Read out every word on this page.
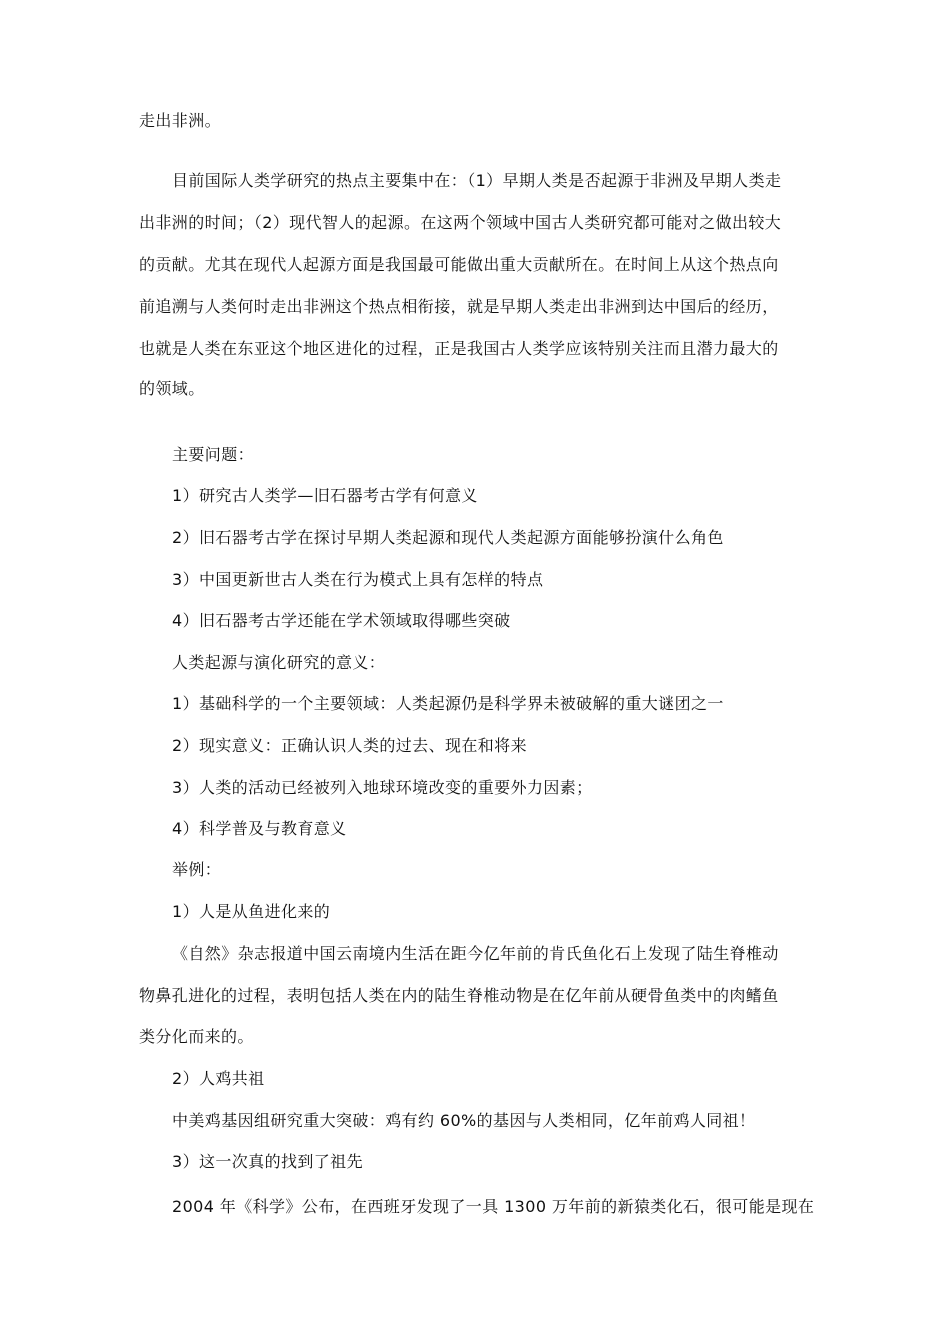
走出非洲。
目前国际人类学研究的热点主要集中在：（1）早期人类是否起源于非洲及早期人类走
出非洲的时间；（2）现代智人的起源。在这两个领域中国古人类研究都可能对之做出较大
的贡献。尤其在现代人起源方面是我国最可能做出重大贡献所在。在时间上从这个热点向
前追溯与人类何时走出非洲这个热点相衔接，就是早期人类走出非洲到达中国后的经历，
也就是人类在东亚这个地区进化的过程，正是我国古人类学应该特别关注而且潜力最大的
的领域。
主要问题：
1）研究古人类学—旧石器考古学有何意义
2）旧石器考古学在探讨早期人类起源和现代人类起源方面能够扮演什么角色
3）中国更新世古人类在行为模式上具有怎样的特点
4）旧石器考古学还能在学术领域取得哪些突破
人类起源与演化研究的意义：
1）基础科学的一个主要领域：人类起源仍是科学界未被破解的重大谜团之一
2）现实意义：正确认识人类的过去、现在和将来
3）人类的活动已经被列入地球环境改变的重要外力因素；
4）科学普及与教育意义
举例：
1）人是从鱼进化来的
《自然》杂志报道中国云南境内生活在距今亿年前的肯氏鱼化石上发现了陆生脊椎动
物鼻孔进化的过程，表明包括人类在内的陆生脊椎动物是在亿年前从硬骨鱼类中的肉鳍鱼
类分化而来的。
2）人鸡共祖
中美鸡基因组研究重大突破：鸡有约 60%的基因与人类相同，亿年前鸡人同祖！
3）这一次真的找到了祖先
2004 年《科学》公布，在西班牙发现了一具 1300 万年前的新猿类化石，很可能是现在
